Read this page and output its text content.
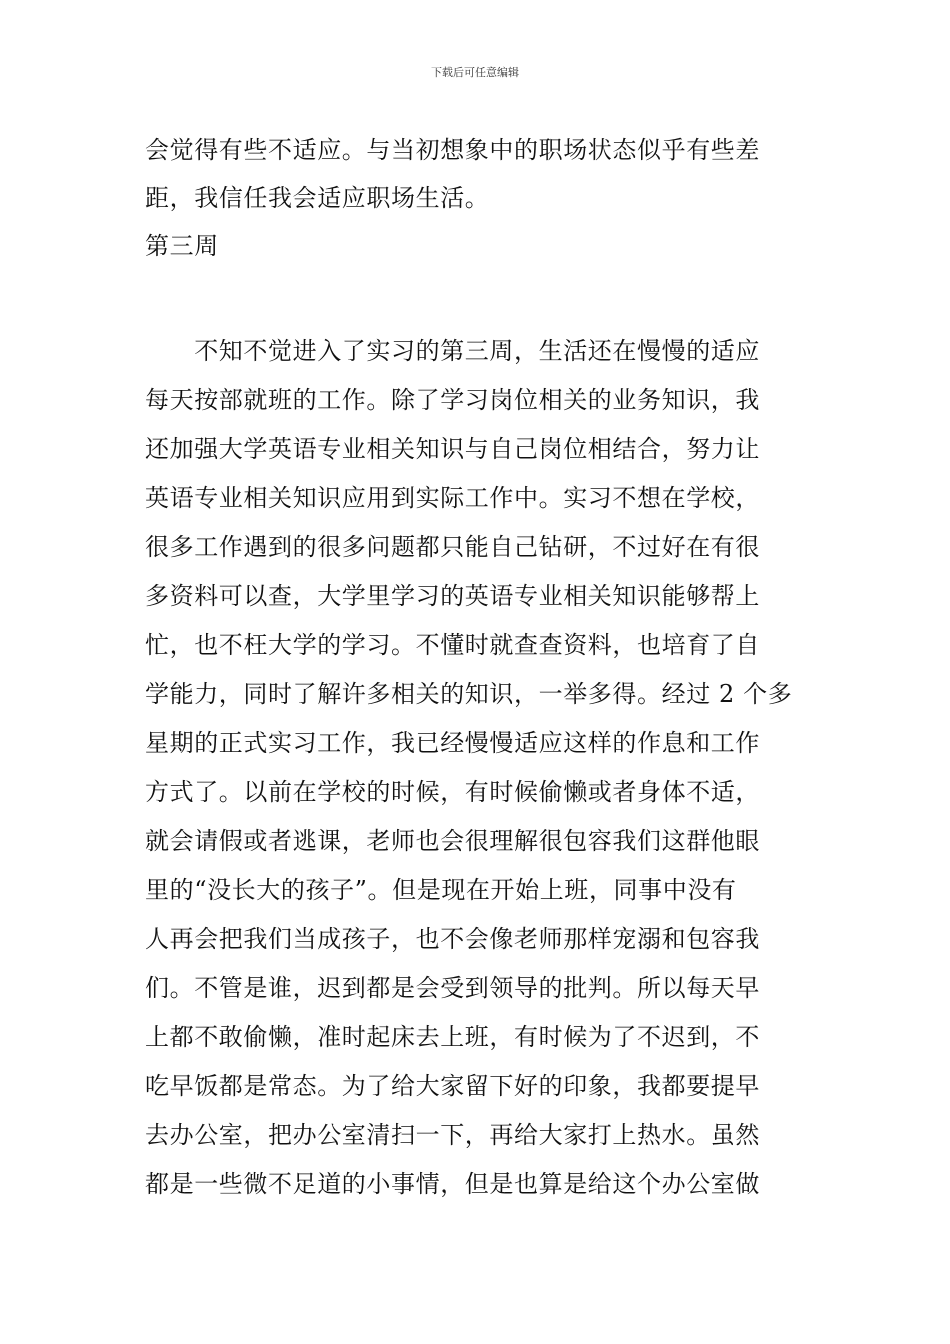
下载后可任意编辑
会觉得有些不适应。与当初想象中的职场状态似乎有些差
距，我信任我会适应职场生活。
第三周
　　不知不觉进入了实习的第三周，生活还在慢慢的适应
每天按部就班的工作。除了学习岗位相关的业务知识，我
还加强大学英语专业相关知识与自己岗位相结合，努力让
英语专业相关知识应用到实际工作中。实习不想在学校，
很多工作遇到的很多问题都只能自己钻研，不过好在有很
多资料可以查，大学里学习的英语专业相关知识能够帮上
忙，也不枉大学的学习。不懂时就查查资料，也培育了自
学能力，同时了解许多相关的知识，一举多得。经过 2 个多
星期的正式实习工作，我已经慢慢适应这样的作息和工作
方式了。以前在学校的时候，有时候偷懒或者身体不适，
就会请假或者逃课，老师也会很理解很包容我们这群他眼
里的“没长大的孩子”。但是现在开始上班，同事中没有
人再会把我们当成孩子，也不会像老师那样宠溺和包容我
们。不管是谁，迟到都是会受到领导的批判。所以每天早
上都不敢偷懒，准时起床去上班，有时候为了不迟到，不
吃早饭都是常态。为了给大家留下好的印象，我都要提早
去办公室，把办公室清扫一下，再给大家打上热水。虽然
都是一些微不足道的小事情，但是也算是给这个办公室做
